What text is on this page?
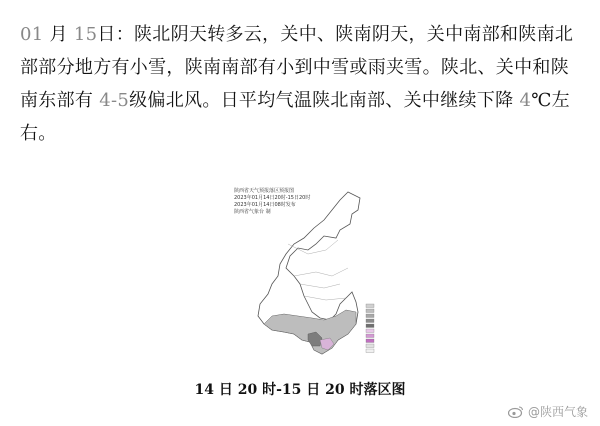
01 月 15日：陕北阴天转多云，关中、陕南阴天，关中南部和陕南北部部分地方有小雪，陕南南部有小到中雪或雨夹雪。陕北、关中和陕南东部有 4-5级偏北风。日平均气温陕北南部、关中继续下降 4℃左右。
陕西省天气预报落区预报图
2023年01月14日20时-15日20时
2023年01月14日08时发布
陕西省气象台 制
14 日 20 时-15 日 20 时落区图
@陕西气象
